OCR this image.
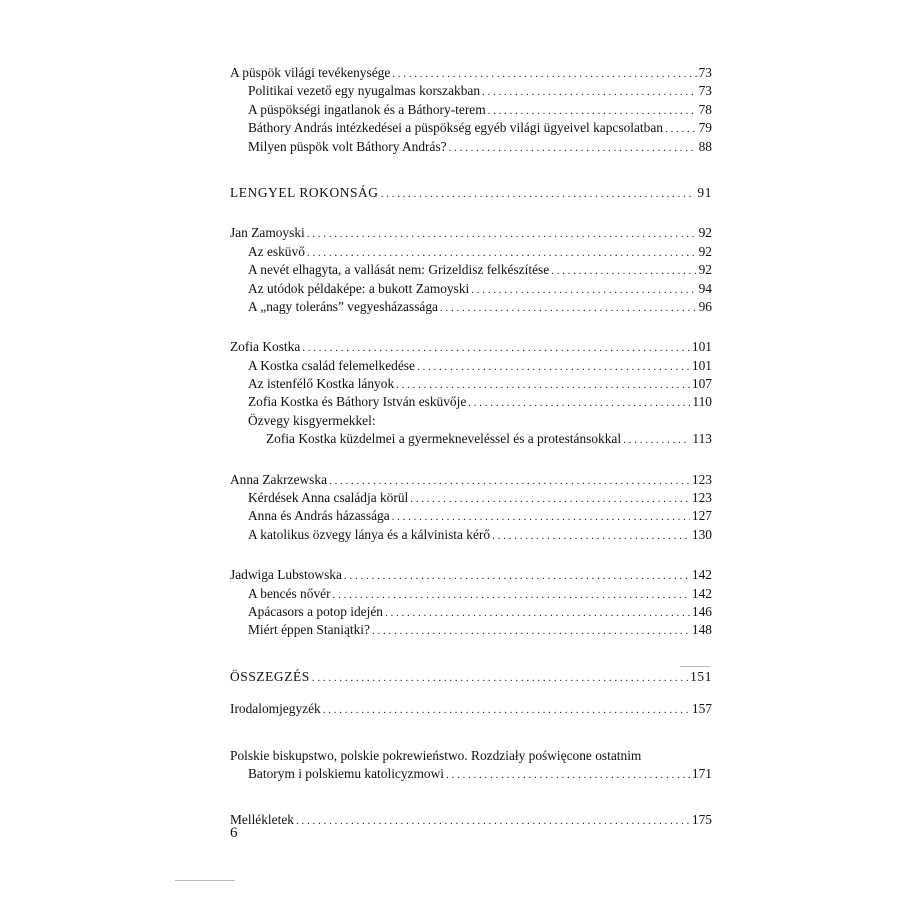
A püspök világi tevékenysége . . .	73
Politikai vezető egy nyugalmas korszakban . . .	73
A püspökségi ingatlanok és a Báthory-terem . . .	78
Báthory András intézkedései a püspökség egyéb világi ügyeivel kapcsolatban . . .	79
Milyen püspök volt Báthory András? . . .	88
LENGYEL ROKONSÁG . . .	91
Jan Zamoyski . . .	92
Az esküvő . . .	92
A nevét elhagyta, a vallását nem: Grizeldisz felkészítése . . .	92
Az utódok példaképe: a bukott Zamoyski . . .	94
A „nagy toleráns” vegyesházassága . . .	96
Zofia Kostka . . .	101
A Kostka család felemelkedése . . .	101
Az istenfélő Kostka lányok . . .	107
Zofia Kostka és Báthory István esküvője . . .	110
Özvegy kisgyermekkel:
Zofia Kostka küzdelmei a gyermekneveléssel és a protestánsokkal . . .	113
Anna Zakrzewska . . .	123
Kérdések Anna családja körül . . .	123
Anna és András házassága . . .	127
A katolikus özvegy lánya és a kálvinista kérő . . .	130
Jadwiga Lubstowska . . .	142
A bencés nővér . . .	142
Apácasors a potop idején . . .	146
Miért éppen Staniątki? . . .	148
ÖSSZEGZÉS . . .	151
Irodalomjegyzék . . .	157
Polskie biskupstwo, polskie pokrewieństwo. Rozdziały poświęcone ostatnim
Batorym i polskiemu katolicyzmowi . . .	171
Mellékletek . . .	175
6
